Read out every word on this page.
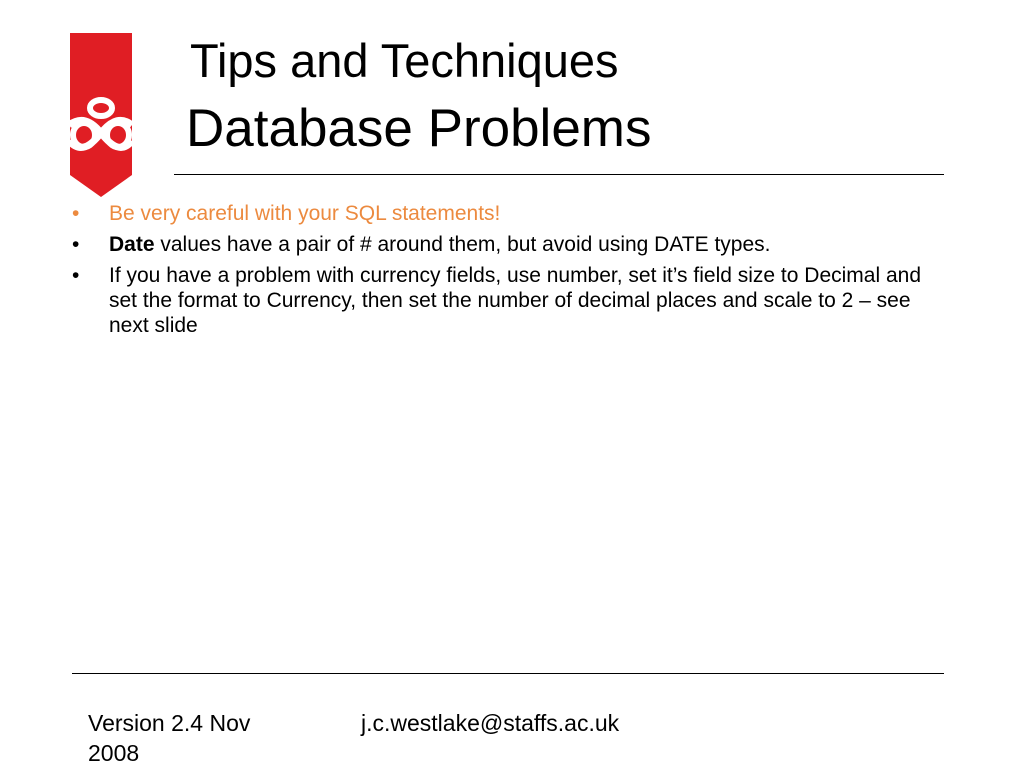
Tips and Techniques
Database Problems
•	Be very careful with your SQL statements!
•	Date values have a pair of # around them, but avoid using DATE types.
•	If you have a problem with currency fields, use number, set it’s field size to Decimal and set the format to Currency, then set the number of decimal places and scale to 2 – see next slide
Version 2.4 Nov 2008
j.c.westlake@staffs.ac.uk
